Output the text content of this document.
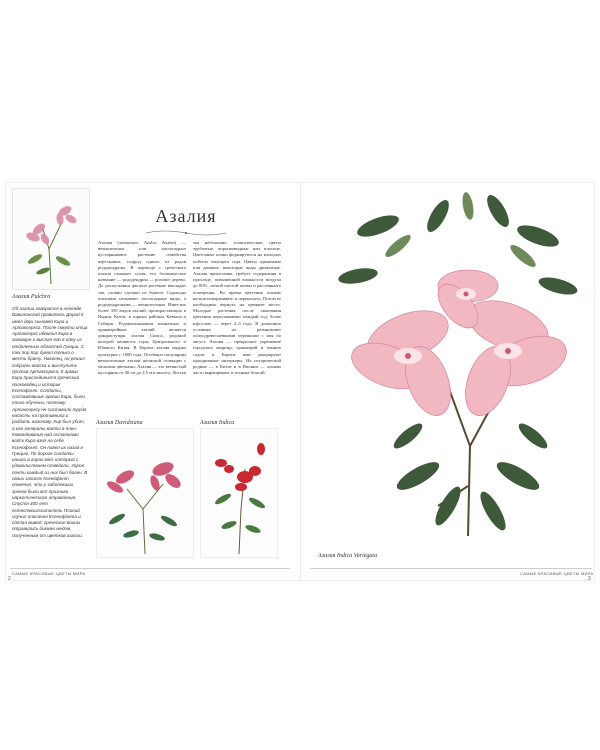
Азалия Pulchra
Об азалии говорится в легенде. Вавилонский правитель Дарий II имел двух сыновей Кира и Артаксеркса. После смерти отца Артаксеркс обвинил Кира в заговоре и выслал его в одну из отдаленных областей Греции. С тех пор Кир думал только о мести брату. Наконец, он решил собрать войска и выступить против Артаксеркса. К армии Кира присоединился греческий полководец и историк Ксенофонт. Солдаты, составлявшие армию Кира, были плохо обучены, поэтому Артаксерксу не составило труда напасть на противника и разбить наголову. Кир был убит, а его генералы взяты в плен. Командование над остатками войск Кира взял на себя Ксенофонт. Он повел их назад в Грецию. По дороге солдаты нашли в горах мед, который с удовольствием отведали. Уорон почти каждый из них был болен. В своих записях Ксенофонт отмечал, что у заболевших греков были все признаки наркотического отравления. Спустя 400 лет естествоиспытатель Плиний изучил описания Ксенофонта и сделал вывод: греческие воины отравились дикими медом, полученным от цветков азалии.
Азалия
Азалия (латинское Azalia, Azalea) — вечнозеленое или листопадное кустарниковое растение семейства вересковых, подрод одного из родов рододендрона. В переводе с греческого азалия означает сухая, его ботаническое название — рододендрон — розовое дерево. До распускания цветков растение выглядит так, словно сделано из бумаги. Садоводы азалиями называют листопадные виды, а рододендронами — вечнозеленые. Известно более 350 видов азалий, произрастающих в Индии, Китае, в горных районах Кавказа и Сибири. Родоначальником комнатных и оранжерейных азалий является дикорастущая азалия Симса, родиной которой являются горы Центрального и Южного Китая. В Европе азалия индика культурна с 1808 года. Особенно популярны вечнозеленые азалии японской селекции с мелкими цветками. Азалия — это ветвистый кустарник от 30 см до 2,5 м в высоту. Листья
тья небольшие, эллиптические, цветы трубчатые, воронковидные или плоские. Цветочные почки формируются на молодых побегах текущего года. Цветы одиночные или двоякие, некоторые виды ароматные. Азалия прихотлива, требует содержания в прохладе, повышенной влажности воздуха до 80%, легкой кислой почвы и рассеянного освещения. Во время цветения азалию нельзя поворачивать и переносить. Потом ее необходимо вернуть на прежнее место. Молодые растения после окончания цветения пересаживают каждый год, более взрослые — через 2–3 года. В домашних условиях их размножают полуодревесневшими черенками с мая по август. Азалия — прекрасное украшение городских квартир, оранжерей и зимних садов, в Европе ими декорируют праздничные интерьеры. На исторической родине — в Китае и в Японии — азалию часто выращивают в технике бонсай.
Азалия Davidsiana	Азалия Indica
САМЫЕ КРАСИВЫЕ ЦВЕТЫ МИРА
2
Азалия Indica Variegata
САМЫЕ КРАСИВЫЕ ЦВЕТЫ МИРА
3
